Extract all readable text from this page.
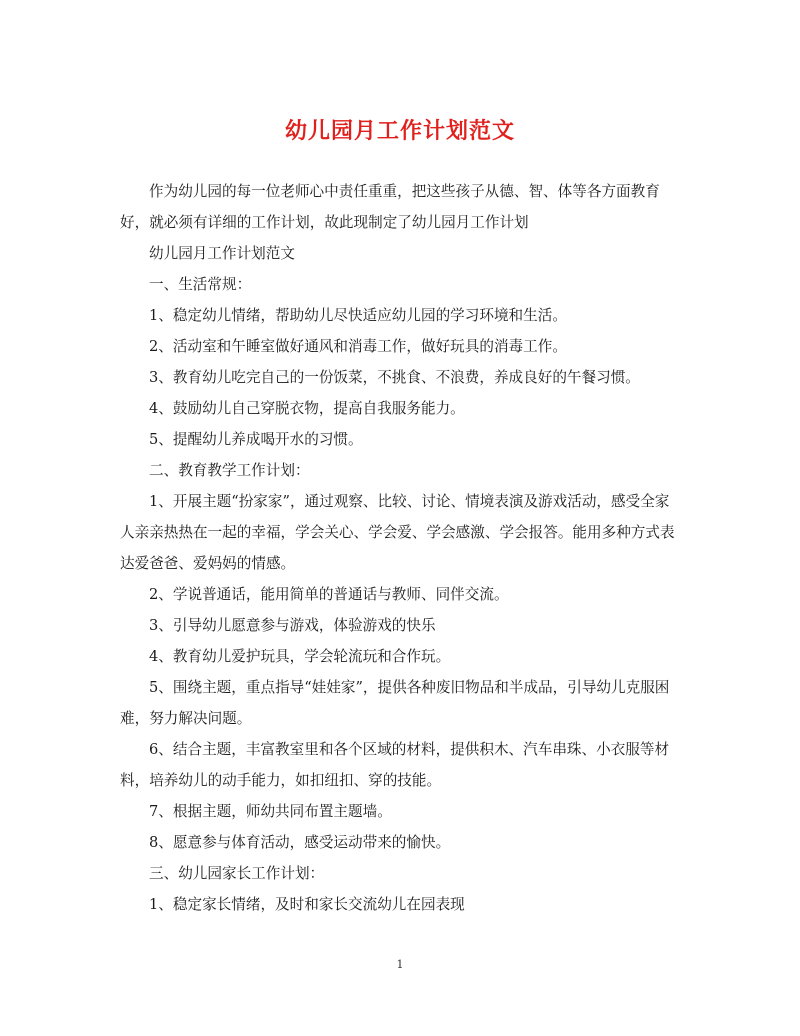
幼儿园月工作计划范文

作为幼儿园的每一位老师心中责任重重，把这些孩子从德、智、体等各方面教育好，就必须有详细的工作计划，故此现制定了幼儿园月工作计划

幼儿园月工作计划范文

一、生活常规：

1、稳定幼儿情绪，帮助幼儿尽快适应幼儿园的学习环境和生活。

2、活动室和午睡室做好通风和消毒工作，做好玩具的消毒工作。

3、教育幼儿吃完自己的一份饭菜，不挑食、不浪费，养成良好的午餐习惯。

4、鼓励幼儿自己穿脱衣物，提高自我服务能力。

5、提醒幼儿养成喝开水的习惯。

二、教育教学工作计划：

1、开展主题“扮家家”，通过观察、比较、讨论、情境表演及游戏活动，感受全家人亲亲热热在一起的幸福，学会关心、学会爱、学会感激、学会报答。能用多种方式表达爱爸爸、爱妈妈的情感。

2、学说普通话，能用简单的普通话与教师、同伴交流。

3、引导幼儿愿意参与游戏，体验游戏的快乐

4、教育幼儿爱护玩具，学会轮流玩和合作玩。

5、围绕主题，重点指导“娃娃家”，提供各种废旧物品和半成品，引导幼儿克服困难，努力解决问题。

6、结合主题，丰富教室里和各个区域的材料，提供积木、汽车串珠、小衣服等材料，培养幼儿的动手能力，如扣纽扣、穿的技能。

7、根据主题，师幼共同布置主题墙。

8、愿意参与体育活动，感受运动带来的愉快。

三、幼儿园家长工作计划：

1、稳定家长情绪，及时和家长交流幼儿在园表现

1
